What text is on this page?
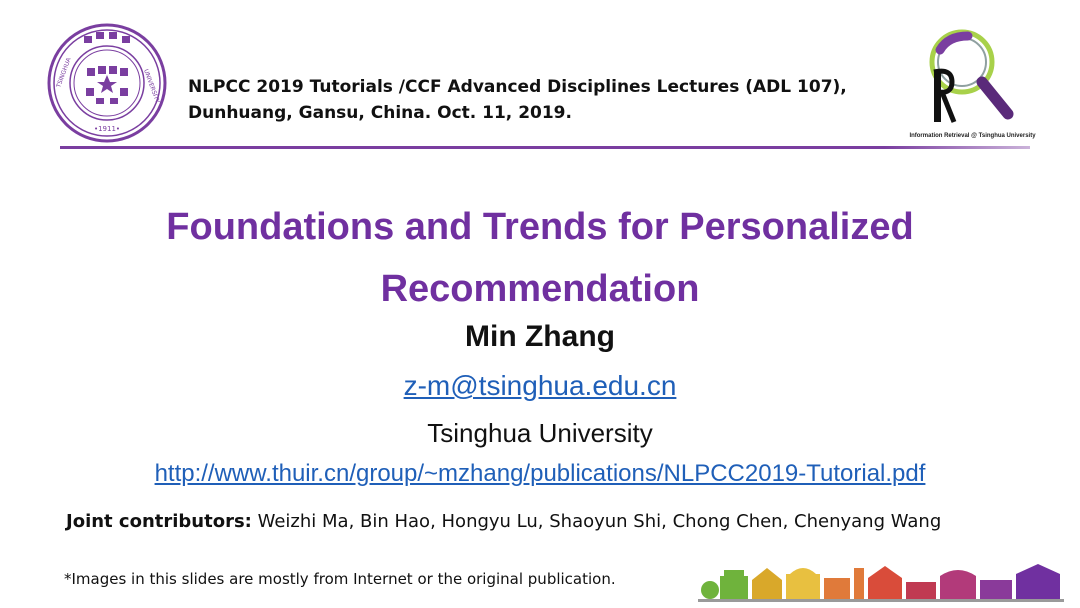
•1911•
TSINGHUA	UNIVERSITY NLPCC 2019 Tutorials /CCF Advanced Disciplines Lectures (ADL 107),
Dunhuang, Gansu, China. Oct. 11, 2019.
Information Retrieval @ Tsinghua University
Foundations and Trends for Personalized
Recommendation
Min Zhang
z-m@tsinghua.edu.cn
Tsinghua University
http://www.thuir.cn/group/~mzhang/publications/NLPCC2019-Tutorial.pdf
Joint contributors: Weizhi Ma, Bin Hao, Hongyu Lu, Shaoyun Shi, Chong Chen, Chenyang Wang
*Images in this slides are mostly from Internet or the original publication.
